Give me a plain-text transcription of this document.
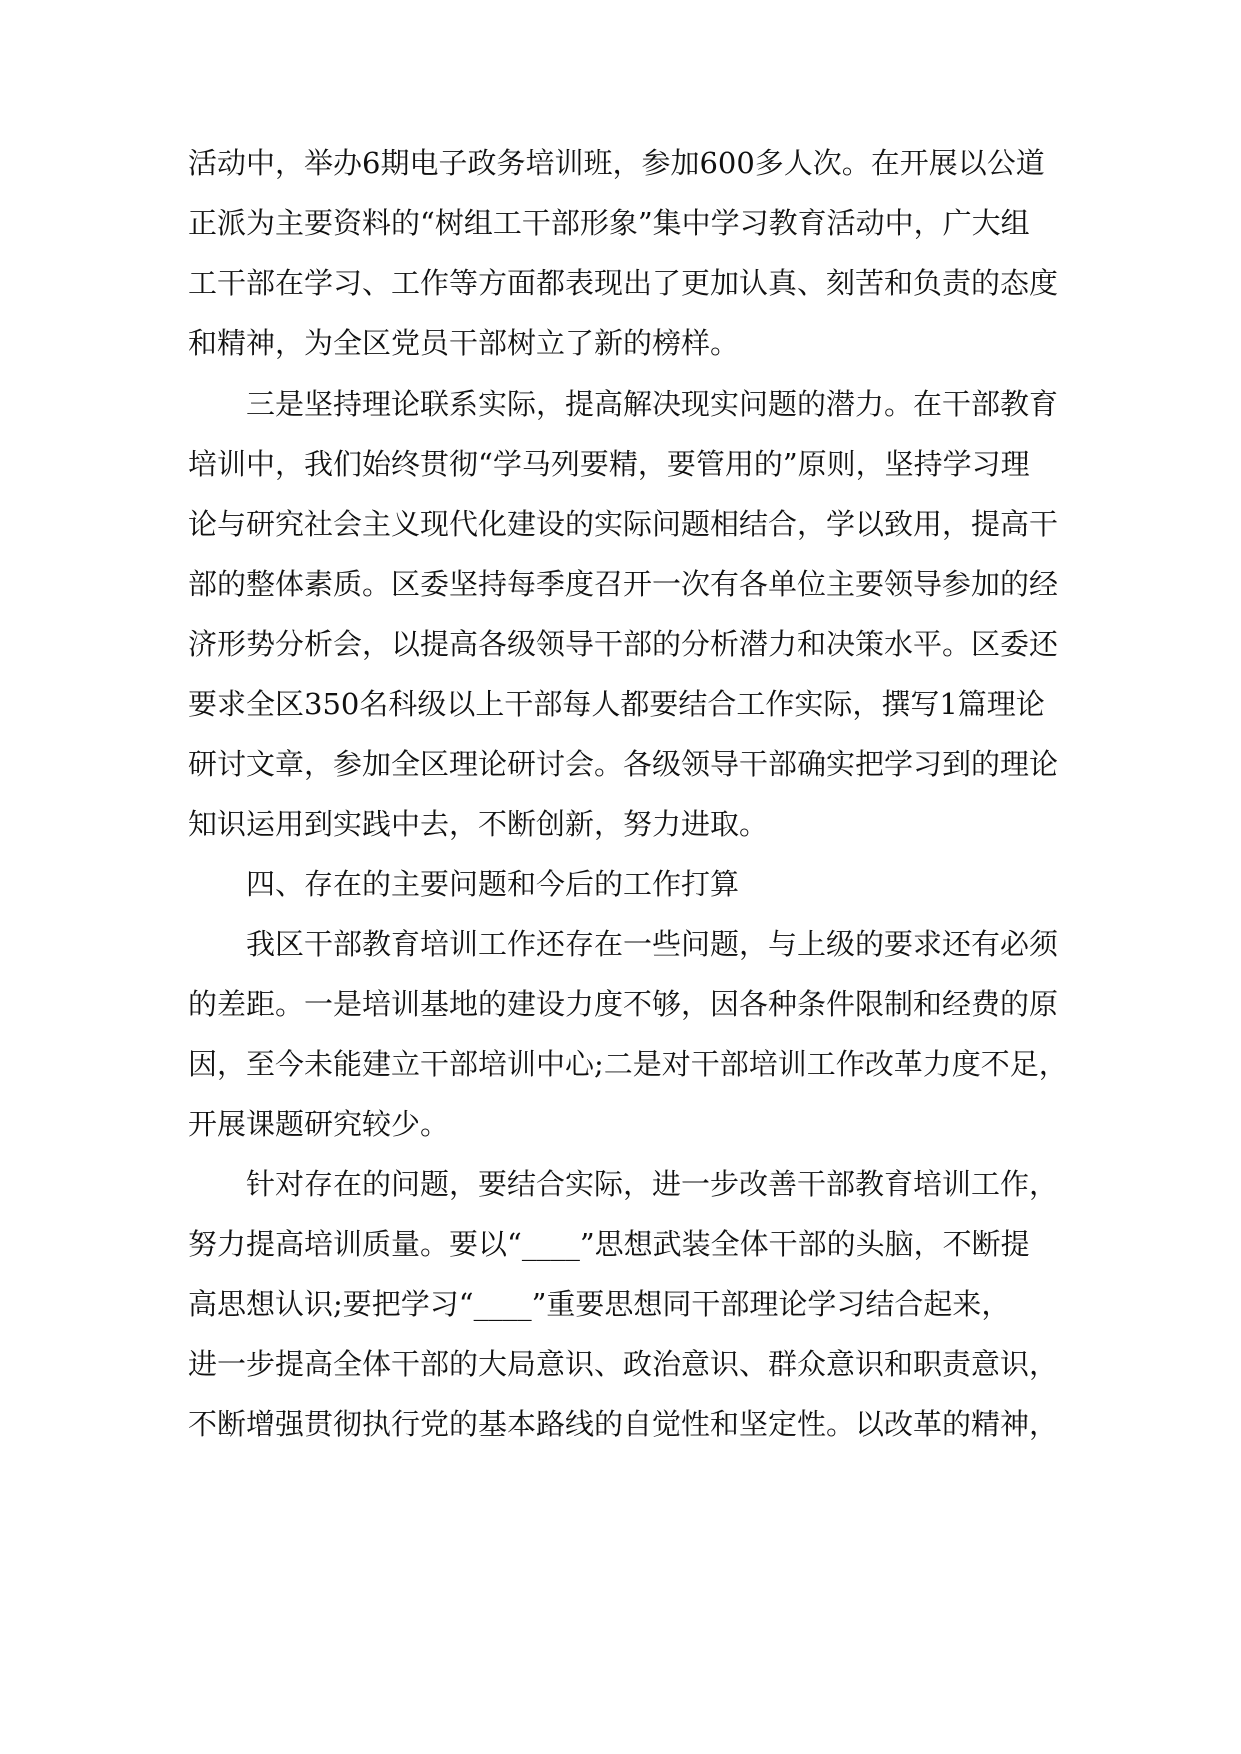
活动中，举办6期电子政务培训班，参加600多人次。在开展以公道
正派为主要资料的“树组工干部形象”集中学习教育活动中，广大组
工干部在学习、工作等方面都表现出了更加认真、刻苦和负责的态度
和精神，为全区党员干部树立了新的榜样。
三是坚持理论联系实际，提高解决现实问题的潜力。在干部教育
培训中，我们始终贯彻“学马列要精，要管用的”原则，坚持学习理
论与研究社会主义现代化建设的实际问题相结合，学以致用，提高干
部的整体素质。区委坚持每季度召开一次有各单位主要领导参加的经
济形势分析会，以提高各级领导干部的分析潜力和决策水平。区委还
要求全区350名科级以上干部每人都要结合工作实际，撰写1篇理论
研讨文章，参加全区理论研讨会。各级领导干部确实把学习到的理论
知识运用到实践中去，不断创新，努力进取。
四、存在的主要问题和今后的工作打算
我区干部教育培训工作还存在一些问题，与上级的要求还有必须
的差距。一是培训基地的建设力度不够，因各种条件限制和经费的原
因，至今未能建立干部培训中心;二是对干部培训工作改革力度不足，
开展课题研究较少。
针对存在的问题，要结合实际，进一步改善干部教育培训工作，
努力提高培训质量。要以“____”思想武装全体干部的头脑，不断提
高思想认识;要把学习“____”重要思想同干部理论学习结合起来，
进一步提高全体干部的大局意识、政治意识、群众意识和职责意识，
不断增强贯彻执行党的基本路线的自觉性和坚定性。以改革的精神，
